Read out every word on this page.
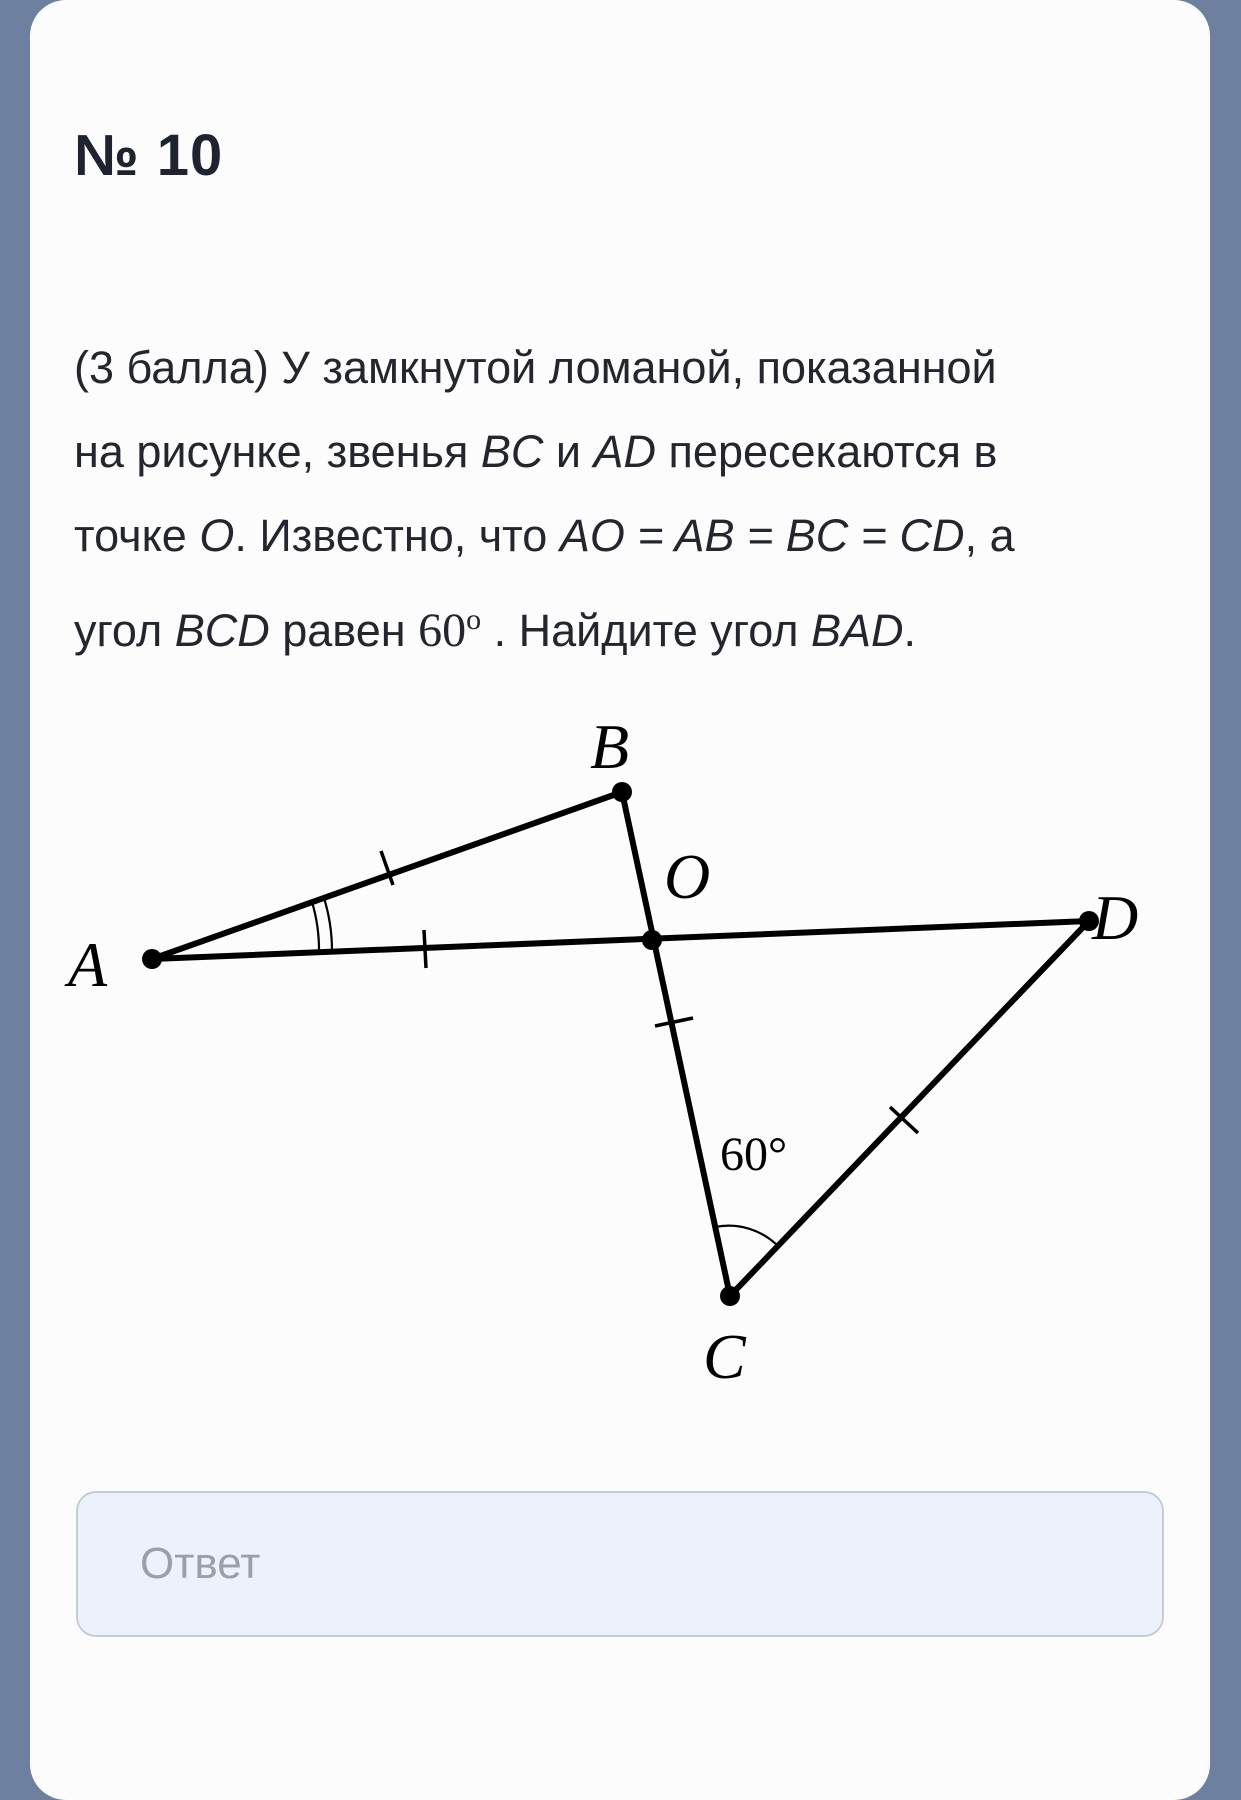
№ 10

(3 балла) У замкнутой ломаной, показанной

на рисунке, звенья BC и AD пересекаются в

точке O. Известно, что AO = AB = BC = CD, а

угол BCD равен 60$^o$ . Найдите угол BAD.

A
B
O
D
C
60°
Ответ
